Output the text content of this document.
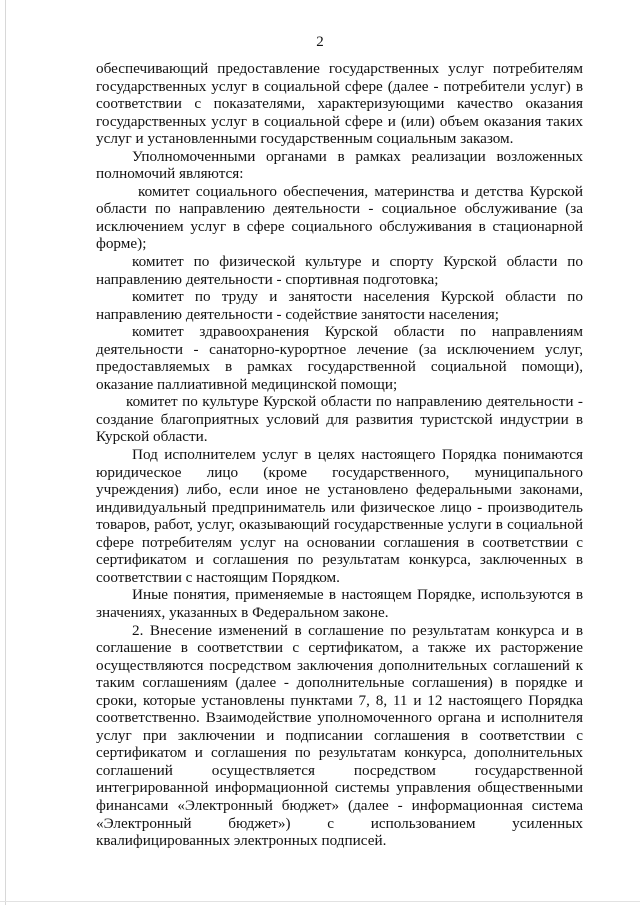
2

обеспечивающий предоставление государственных услуг потребителям государственных услуг в социальной сфере (далее - потребители услуг) в соответствии с показателями, характеризующими качество оказания государственных услуг в социальной сфере и (или) объем оказания таких услуг и установленными государственным социальным заказом.

Уполномоченными органами в рамках реализации возложенных полномочий являются:

комитет социального обеспечения, материнства и детства Курской области по направлению деятельности - социальное обслуживание (за исключением услуг в сфере социального обслуживания в стационарной форме);

комитет по физической культуре и спорту Курской области по направлению деятельности - спортивная подготовка;

комитет по труду и занятости населения Курской области по направлению деятельности - содействие занятости населения;

комитет здравоохранения Курской области по направлениям деятельности - санаторно-курортное лечение (за исключением услуг, предоставляемых в рамках государственной социальной помощи), оказание паллиативной медицинской помощи;

комитет по культуре Курской области по направлению деятельности - создание благоприятных условий для развития туристской индустрии в Курской области.

Под исполнителем услуг в целях настоящего Порядка понимаются юридическое лицо (кроме государственного, муниципального учреждения) либо, если иное не установлено федеральными законами, индивидуальный предприниматель или физическое лицо - производитель товаров, работ, услуг, оказывающий государственные услуги в социальной сфере потребителям услуг на основании соглашения в соответствии с сертификатом и соглашения по результатам конкурса, заключенных в соответствии с настоящим Порядком.

Иные понятия, применяемые в настоящем Порядке, используются в значениях, указанных в Федеральном законе.

2. Внесение изменений в соглашение по результатам конкурса и в соглашение в соответствии с сертификатом, а также их расторжение осуществляются посредством заключения дополнительных соглашений к таким соглашениям (далее - дополнительные соглашения) в порядке и сроки, которые установлены пунктами 7, 8, 11 и 12 настоящего Порядка соответственно. Взаимодействие уполномоченного органа и исполнителя услуг при заключении и подписании соглашения в соответствии с сертификатом и соглашения по результатам конкурса, дополнительных соглашений осуществляется посредством государственной интегрированной информационной системы управления общественными финансами «Электронный бюджет» (далее - информационная система «Электронный бюджет») с использованием усиленных квалифицированных электронных подписей.
